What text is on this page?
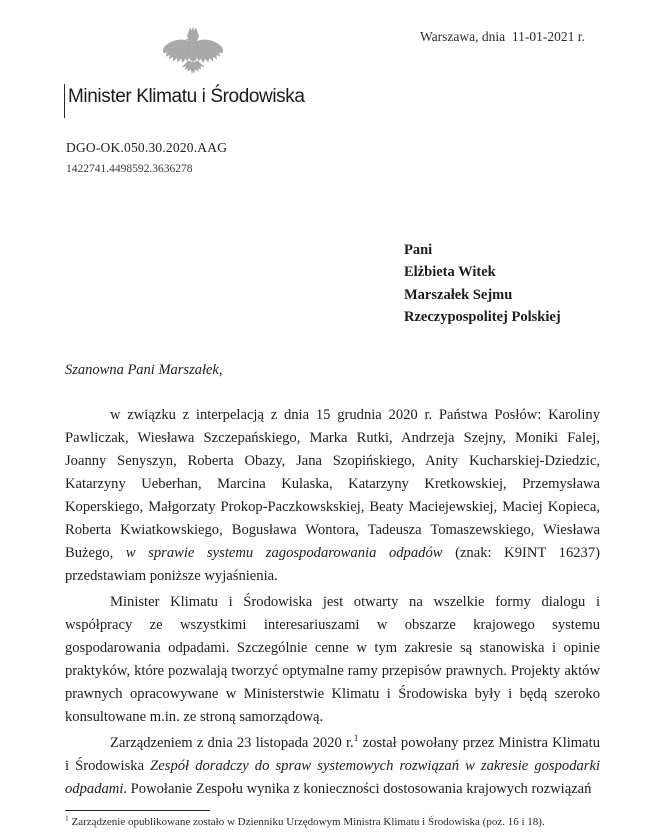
Warszawa, dnia  11-01-2021 r.
Minister Klimatu i Środowiska
DGO-OK.050.30.2020.AAG
1422741.4498592.3636278
Pani
Elżbieta Witek
Marszałek Sejmu
Rzeczypospolitej Polskiej
Szanowna Pani Marszałek,

w związku z interpelacją z dnia 15 grudnia 2020 r. Państwa Posłów: Karoliny Pawliczak, Wiesława Szczepańskiego, Marka Rutki, Andrzeja Szejny, Moniki Falej, Joanny Senyszyn, Roberta Obazy, Jana Szopińskiego, Anity Kucharskiej-Dziedzic, Katarzyny Ueberhan, Marcina Kulaska, Katarzyny Kretkowskiej, Przemysława Koperskiego, Małgorzaty Prokop-Paczkowskskiej, Beaty Maciejewskiej, Maciej Kopieca, Roberta Kwiatkowskiego, Bogusława Wontora, Tadeusza Tomaszewskiego, Wiesława Bużego, w sprawie systemu zagospodarowania odpadów (znak: K9INT 16237) przedstawiam poniższe wyjaśnienia.

Minister Klimatu i Środowiska jest otwarty na wszelkie formy dialogu i współpracy ze wszystkimi interesariuszami w obszarze krajowego systemu gospodarowania odpadami. Szczególnie cenne w tym zakresie są stanowiska i opinie praktyków, które pozwalają tworzyć optymalne ramy przepisów prawnych. Projekty aktów prawnych opracowywane w Ministerstwie Klimatu i Środowiska były i będą szeroko konsultowane m.in. ze stroną samorządową.

Zarządzeniem z dnia 23 listopada 2020 r.$^1$ został powołany przez Ministra Klimatu i Środowiska Zespół doradczy do spraw systemowych rozwiązań w zakresie gospodarki odpadami. Powołanie Zespołu wynika z konieczności dostosowania krajowych rozwiązań

$^1$ Zarządzenie opublikowane zostało w Dzienniku Urzędowym Ministra Klimatu i Środowiska (poz. 16 i 18).
